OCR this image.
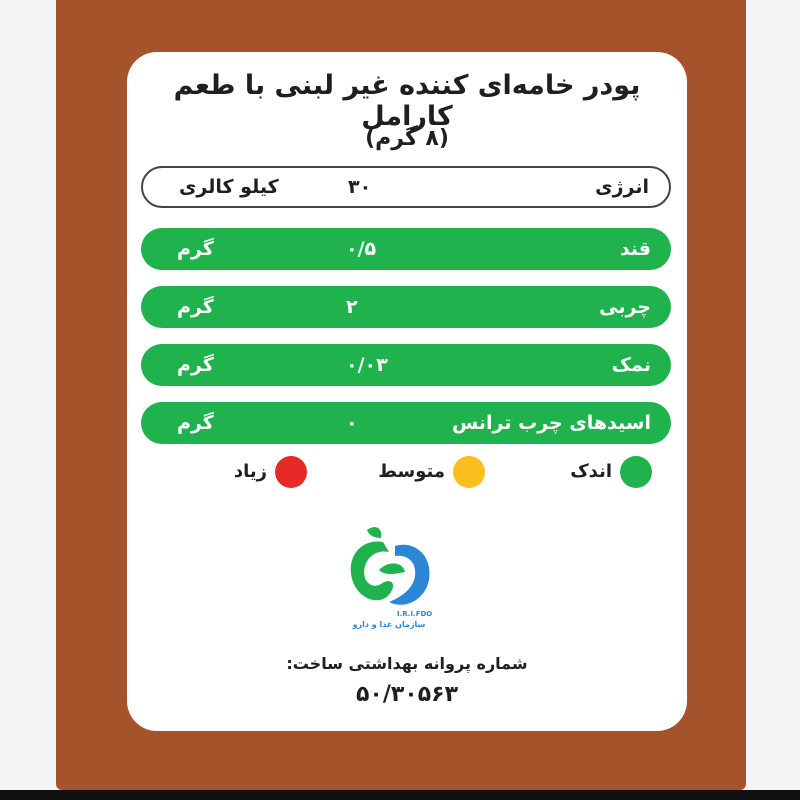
پودر خامه‌ای کننده غیر لبنی با طعم کارامل
(۸ گرم)
انرژی
۳۰
کیلو کالری
قند
۰/۵
گرم
چربی
۲
گرم
نمک
۰/۰۳
گرم
اسیدهای چرب ترانس
۰
گرم
اندک
متوسط
زیاد
I.R.I.FDO
سازمان غذا و دارو
شماره پروانه بهداشتی ساخت:
۵۰/۳۰۵۶۳
